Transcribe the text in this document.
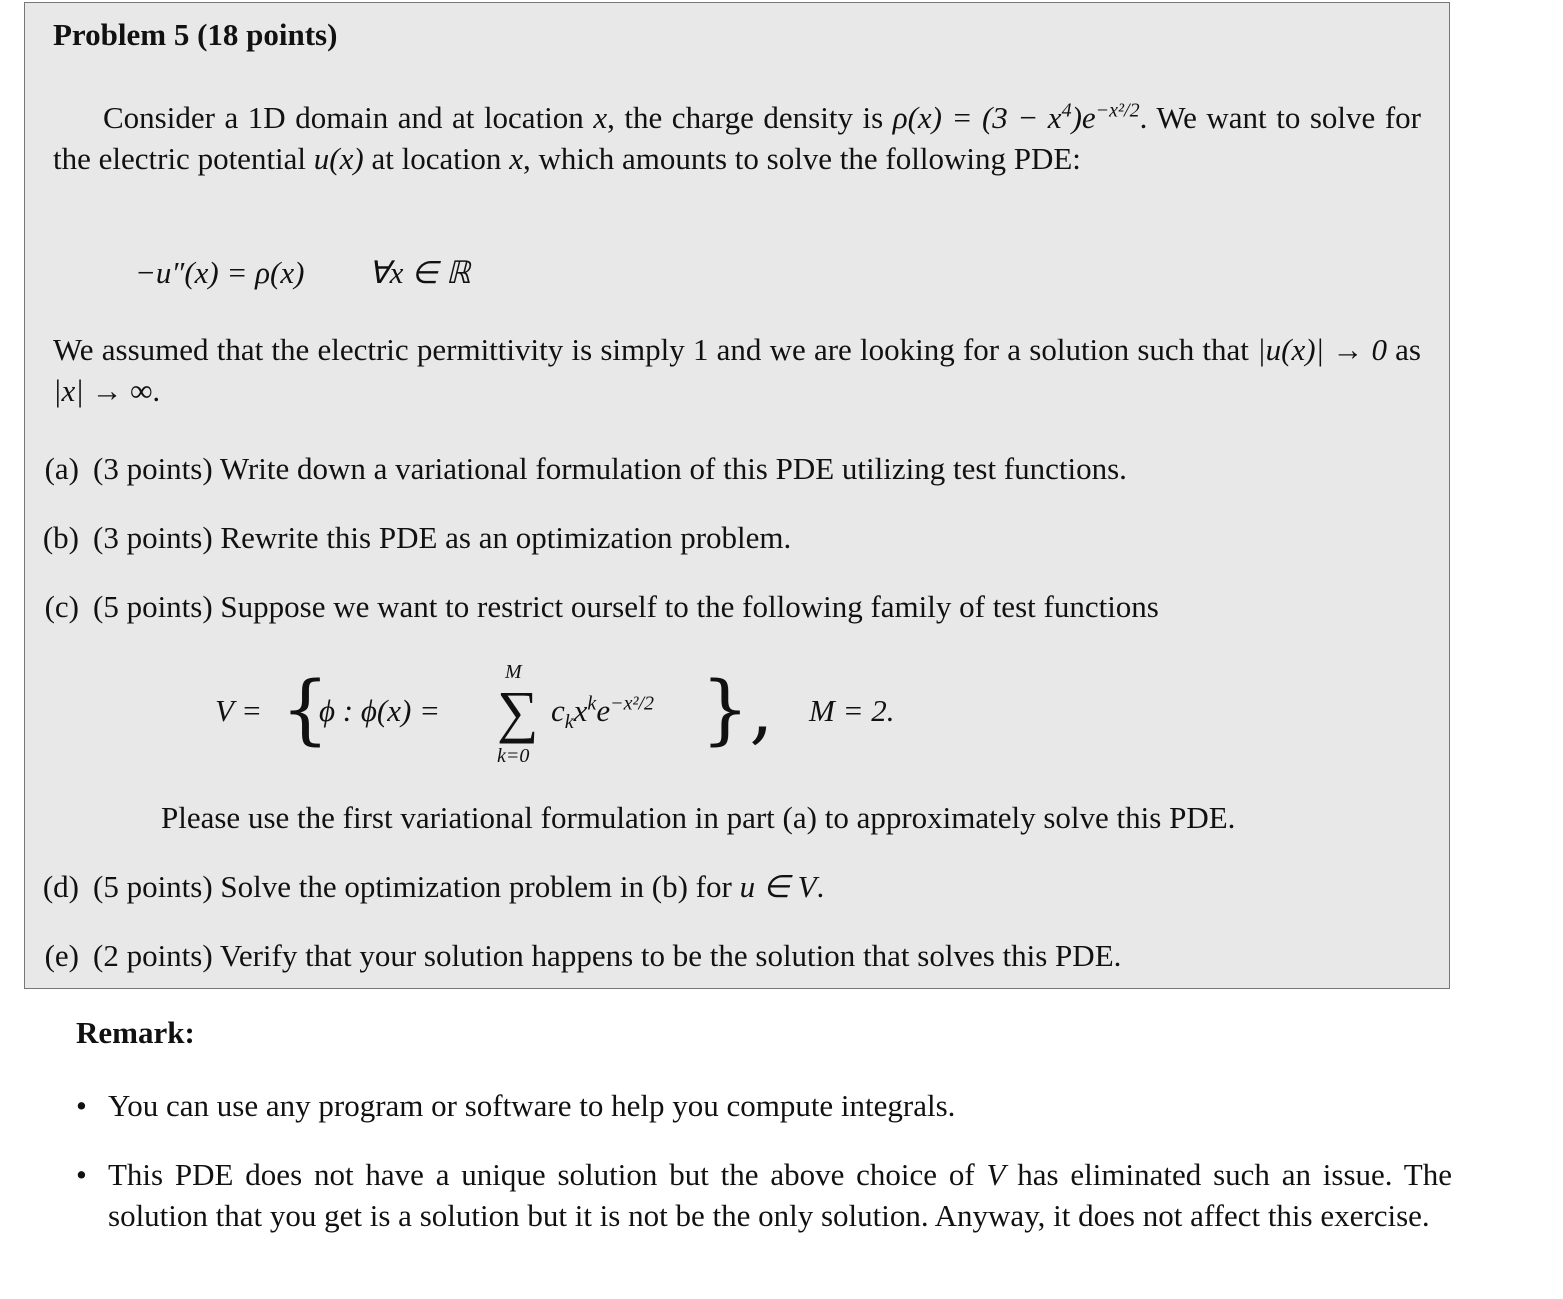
Problem 5 (18 points)
Consider a 1D domain and at location x, the charge density is $\rho(x) = (3 - x^4)e^{-x^2/2}$. We want to solve for the electric potential u(x) at location x, which amounts to solve the following PDE:
−u″(x) = ρ(x) ∀x ∈ ℝ
We assumed that the electric permittivity is simply 1 and we are looking for a solution such that |u(x)| → 0 as |x| → ∞.
(a) (3 points) Write down a variational formulation of this PDE utilizing test functions.
(b) (3 points) Rewrite this PDE as an optimization problem.
(c) (5 points) Suppose we want to restrict ourself to the following family of test functions
V = {
ϕ : ϕ(x) =
M
∑
k=0
$c_kx^ke^{-x^2/2}$ }, M = 2.
Please use the first variational formulation in part (a) to approximately solve this PDE.
(d) (5 points) Solve the optimization problem in (b) for u ∈ V.
(e) (2 points) Verify that your solution happens to be the solution that solves this PDE.
Remark:
• You can use any program or software to help you compute integrals.
• This PDE does not have a unique solution but the above choice of V has eliminated such an issue. The solution that you get is a solution but it is not be the only solution. Anyway, it does not affect this exercise.
